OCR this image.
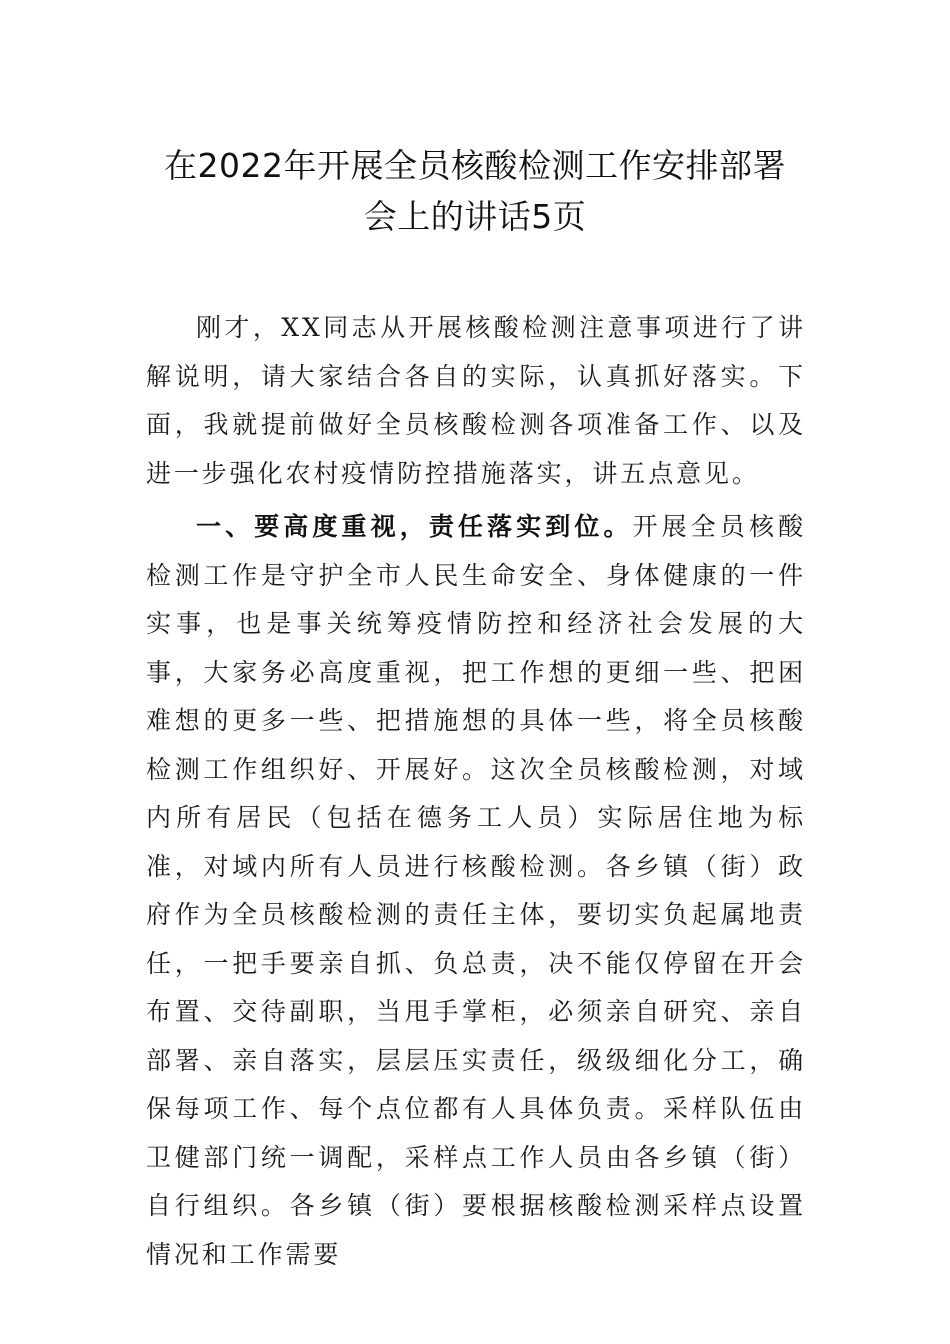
在2022年开展全员核酸检测工作安排部署
会上的讲话5页

刚才，XX同志从开展核酸检测注意事项进行了讲解说明，请大家结合各自的实际，认真抓好落实。下面，我就提前做好全员核酸检测各项准备工作、以及进一步强化农村疫情防控措施落实，讲五点意见。

一、要高度重视，责任落实到位。开展全员核酸检测工作是守护全市人民生命安全、身体健康的一件实事，也是事关统筹疫情防控和经济社会发展的大事，大家务必高度重视，把工作想的更细一些、把困难想的更多一些、把措施想的具体一些，将全员核酸检测工作组织好、开展好。这次全员核酸检测，对域内所有居民（包括在德务工人员）实际居住地为标准，对域内所有人员进行核酸检测。各乡镇（街）政府作为全员核酸检测的责任主体，要切实负起属地责任，一把手要亲自抓、负总责，决不能仅停留在开会布置、交待副职，当甩手掌柜，必须亲自研究、亲自部署、亲自落实，层层压实责任，级级细化分工，确保每项工作、每个点位都有人具体负责。采样队伍由卫健部门统一调配，采样点工作人员由各乡镇（街）自行组织。各乡镇（街）要根据核酸检测采样点设置情况和工作需要
